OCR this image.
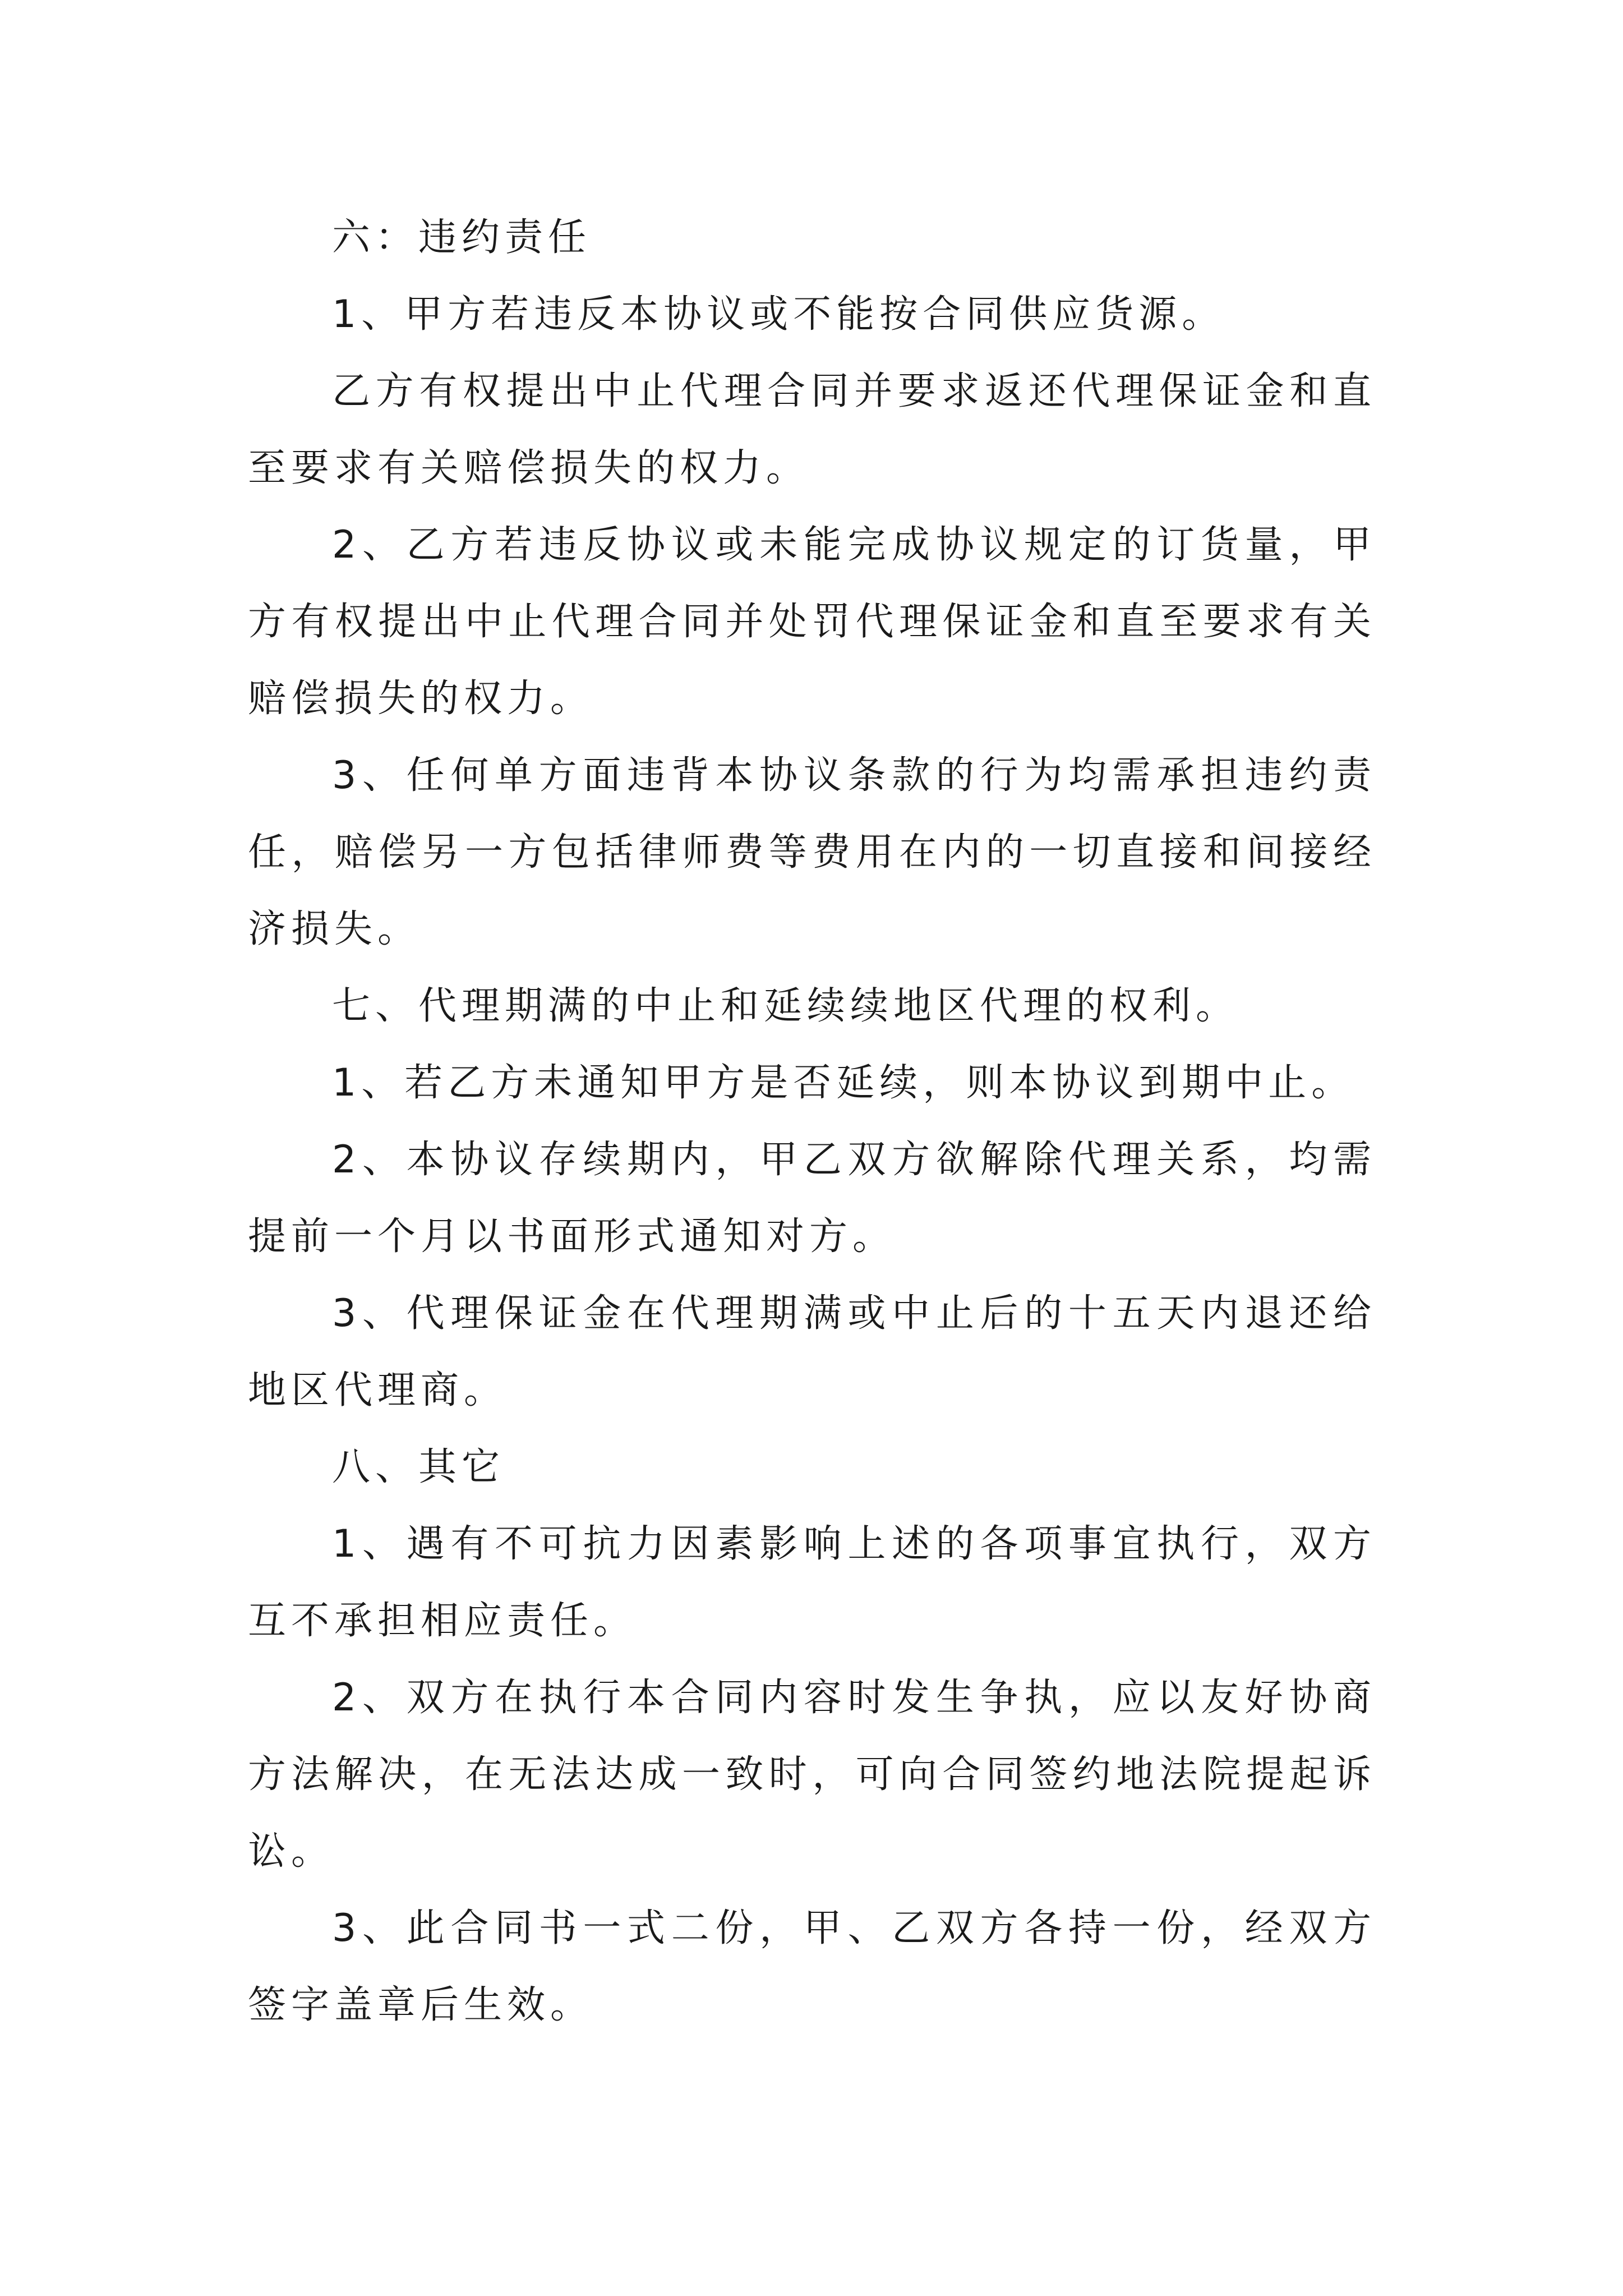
六：违约责任

1、甲方若违反本协议或不能按合同供应货源。

乙方有权提出中止代理合同并要求返还代理保证金和直至要求有关赔偿损失的权力。

2、乙方若违反协议或未能完成协议规定的订货量，甲方有权提出中止代理合同并处罚代理保证金和直至要求有关赔偿损失的权力。

3、任何单方面违背本协议条款的行为均需承担违约责任，赔偿另一方包括律师费等费用在内的一切直接和间接经济损失。

七、代理期满的中止和延续续地区代理的权利。

1、若乙方未通知甲方是否延续，则本协议到期中止。

2、本协议存续期内，甲乙双方欲解除代理关系，均需提前一个月以书面形式通知对方。

3、代理保证金在代理期满或中止后的十五天内退还给地区代理商。

八、其它

1、遇有不可抗力因素影响上述的各项事宜执行，双方互不承担相应责任。

2、双方在执行本合同内容时发生争执，应以友好协商方法解决，在无法达成一致时，可向合同签约地法院提起诉讼。

3、此合同书一式二份，甲、乙双方各持一份，经双方签字盖章后生效。
